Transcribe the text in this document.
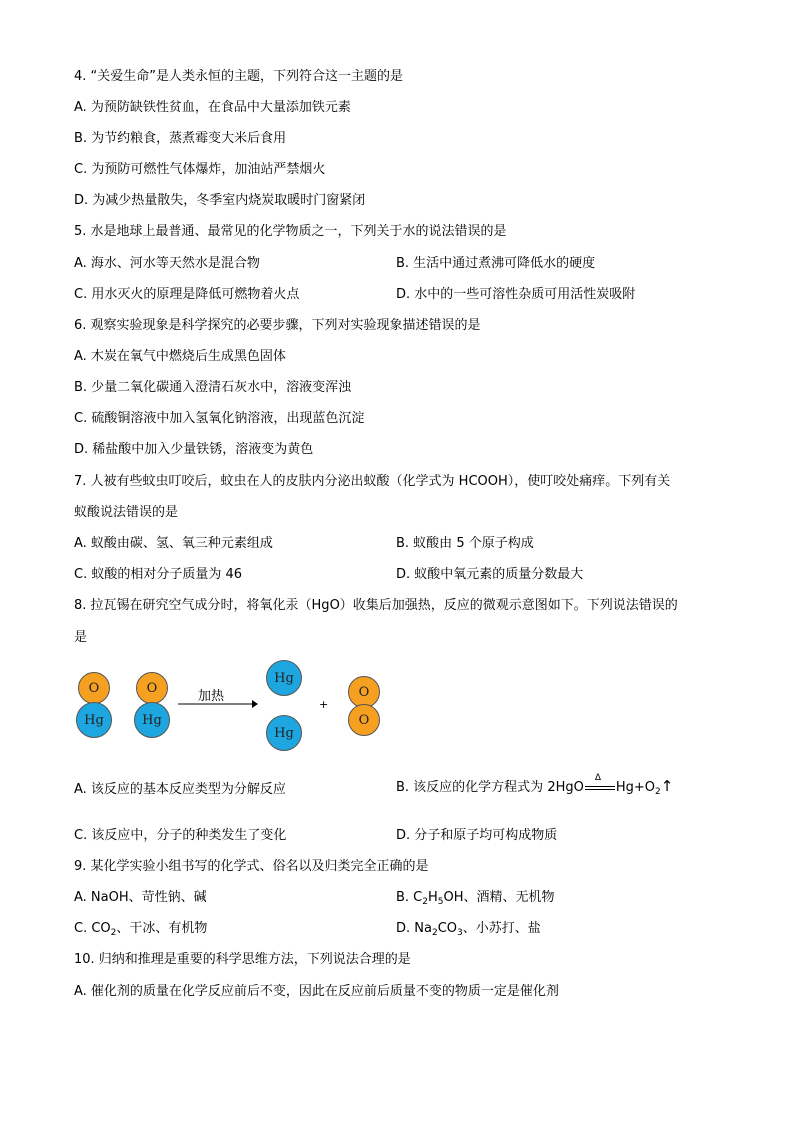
4. “关爱生命”是人类永恒的主题，下列符合这一主题的是
A. 为预防缺铁性贫血，在食品中大量添加铁元素
B. 为节约粮食，蒸煮霉变大米后食用
C. 为预防可燃性气体爆炸，加油站严禁烟火
D. 为减少热量散失，冬季室内烧炭取暖时门窗紧闭
5. 水是地球上最普通、最常见的化学物质之一，下列关于水的说法错误的是
A. 海水、河水等天然水是混合物	B. 生活中通过煮沸可降低水的硬度
C. 用水灭火的原理是降低可燃物着火点	D. 水中的一些可溶性杂质可用活性炭吸附
6. 观察实验现象是科学探究的必要步骤，下列对实验现象描述错误的是
A. 木炭在氧气中燃烧后生成黑色固体
B. 少量二氧化碳通入澄清石灰水中，溶液变浑浊
C. 硫酸铜溶液中加入氢氧化钠溶液，出现蓝色沉淀
D. 稀盐酸中加入少量铁锈，溶液变为黄色
7. 人被有些蚊虫叮咬后，蚊虫在人的皮肤内分泌出蚁酸（化学式为 HCOOH），使叮咬处痛痒。下列有关
蚁酸说法错误的是
A. 蚁酸由碳、氢、氧三种元素组成	B. 蚁酸由 5 个原子构成
C. 蚁酸的相对分子质量为 46	D. 蚁酸中氧元素的质量分数最大
8. 拉瓦锡在研究空气成分时，将氧化汞（HgO）收集后加强热，反应的微观示意图如下。下列说法错误的
是
O
Hg
O
Hg
加热
Hg
Hg
+
O
O
A. 该反应的基本反应类型为分解反应	B. 该反应的化学方程式为 2HgO
Δ
$Hg+O_2↑$
C. 该反应中，分子的种类发生了变化	D. 分子和原子均可构成物质
9. 某化学实验小组书写的化学式、俗名以及归类完全正确的是
A. NaOH、苛性钠、碱	B. $C_2H_5OH$、酒精、无机物
C. $CO_2$、干冰、有机物	D. $Na_2CO_3$、小苏打、盐
10. 归纳和推理是重要的科学思维方法，下列说法合理的是
A. 催化剂的质量在化学反应前后不变，因此在反应前后质量不变的物质一定是催化剂
